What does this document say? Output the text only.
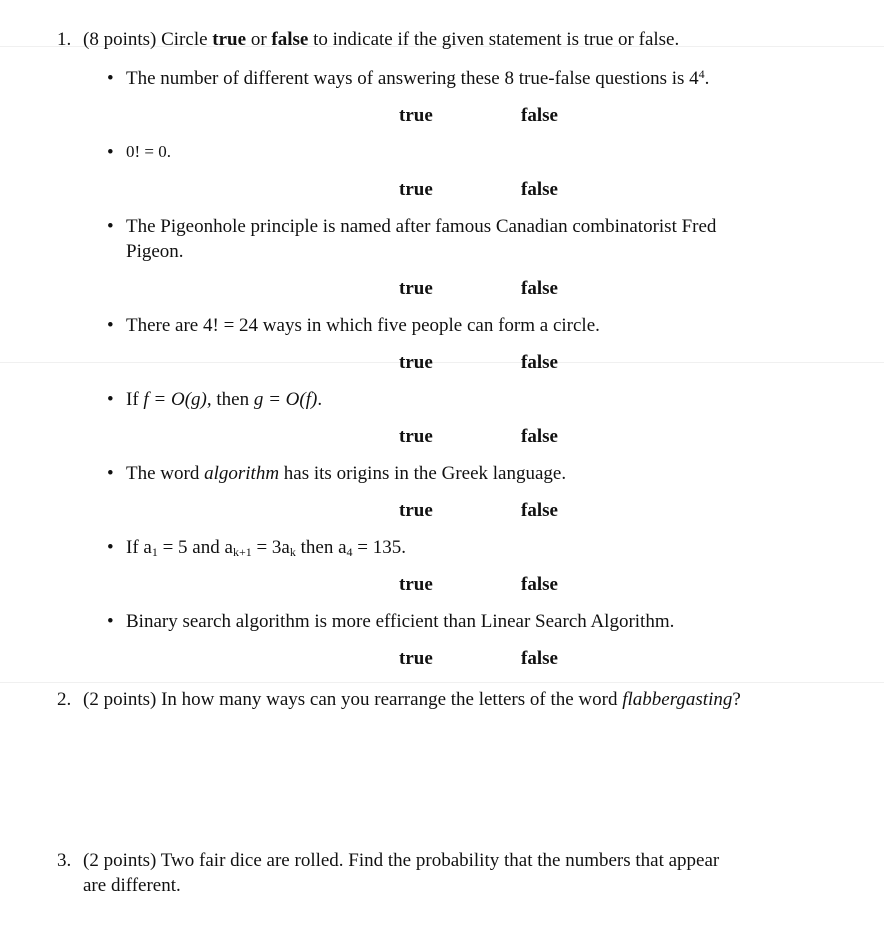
1. (8 points) Circle true or false to indicate if the given statement is true or false.
• The number of different ways of answering these 8 true-false questions is $4^4$.
true	false
• 0! = 0.
true	false
• The Pigeonhole principle is named after famous Canadian combinatorist Fred
Pigeon.
true	false
• There are 4! = 24 ways in which five people can form a circle.
true	false
• If f = O(g), then g = O(f).
true	false
• The word algorithm has its origins in the Greek language.
true	false
• If $a_1 = 5$ and $a_{k+1} = 3a_k$ then $a_4 = 135$.
true	false
• Binary search algorithm is more efficient than Linear Search Algorithm.
true	false
2. (2 points) In how many ways can you rearrange the letters of the word flabbergasting?
3. (2 points) Two fair dice are rolled. Find the probability that the numbers that appear
are different.
